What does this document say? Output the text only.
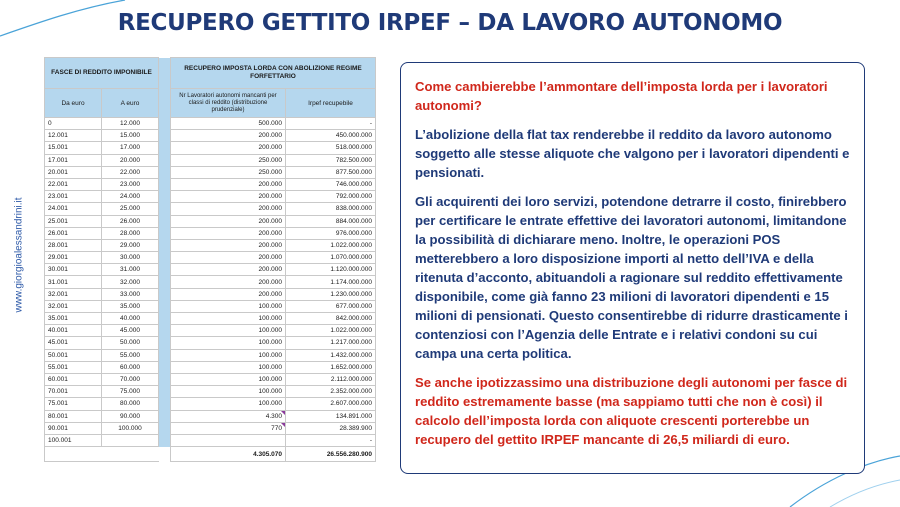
RECUPERO GETTITO IRPEF – DA LAVORO AUTONOMO
www.giorgioalessandrini.it
FASCE DI REDDITO IMPONIBILE			RECUPERO IMPOSTA LORDA CON ABOLIZIONE REGIME FORFETTARIO	
Da euro	A euro		Nr Lavoratori autonomi mancanti per classi di reddito (distribuzione prudenziale)	Irpef recupebile
0	12.000		500.000	-
12.001	15.000		200.000	450.000.000
15.001	17.000		200.000	518.000.000
17.001	20.000		250.000	782.500.000
20.001	22.000		250.000	877.500.000
22.001	23.000		200.000	746.000.000
23.001	24.000		200.000	792.000.000
24.001	25.000		200.000	838.000.000
25.001	26.000		200.000	884.000.000
26.001	28.000		200.000	976.000.000
28.001	29.000		200.000	1.022.000.000
29.001	30.000		200.000	1.070.000.000
30.001	31.000		200.000	1.120.000.000
31.001	32.000		200.000	1.174.000.000
32.001	33.000		200.000	1.230.000.000
32.001	35.000		100.000	677.000.000
35.001	40.000		100.000	842.000.000
40.001	45.000		100.000	1.022.000.000
45.001	50.000		100.000	1.217.000.000
50.001	55.000		100.000	1.432.000.000
55.001	60.000		100.000	1.652.000.000
60.001	70.000		100.000	2.112.000.000
70.001	75.000		100.000	2.352.000.000
75.001	80.000		100.000	2.607.000.000
80.001	90.000		4.300	134.891.000
90.001	100.000		770	28.389.900
100.001				-
			4.305.070	26.556.280.900

Come cambierebbe l’ammontare dell’imposta lorda per i lavoratori autonomi?

L’abolizione della flat tax renderebbe il reddito da lavoro autonomo soggetto alle stesse aliquote che valgono per i lavoratori dipendenti e pensionati.

Gli acquirenti dei loro servizi, potendone detrarre il costo, finirebbero per certificare le entrate effettive dei lavoratori autonomi, limitandone la possibilità di dichiarare meno. Inoltre, le operazioni POS metterebbero a loro disposizione importi al netto dell’IVA e della ritenuta d’acconto, abituandoli a ragionare sul reddito effettivamente disponibile, come già fanno 23 milioni di lavoratori dipendenti e 15 milioni di pensionati. Questo consentirebbe di ridurre drasticamente i contenziosi con l’Agenzia delle Entrate e i relativi condoni su cui campa una certa politica.

Se anche ipotizzassimo una distribuzione degli autonomi per fasce di reddito estremamente basse (ma sappiamo tutti che non è così) il calcolo dell’imposta lorda con aliquote crescenti porterebbe un recupero del gettito IRPEF mancante di 26,5 miliardi di euro.
